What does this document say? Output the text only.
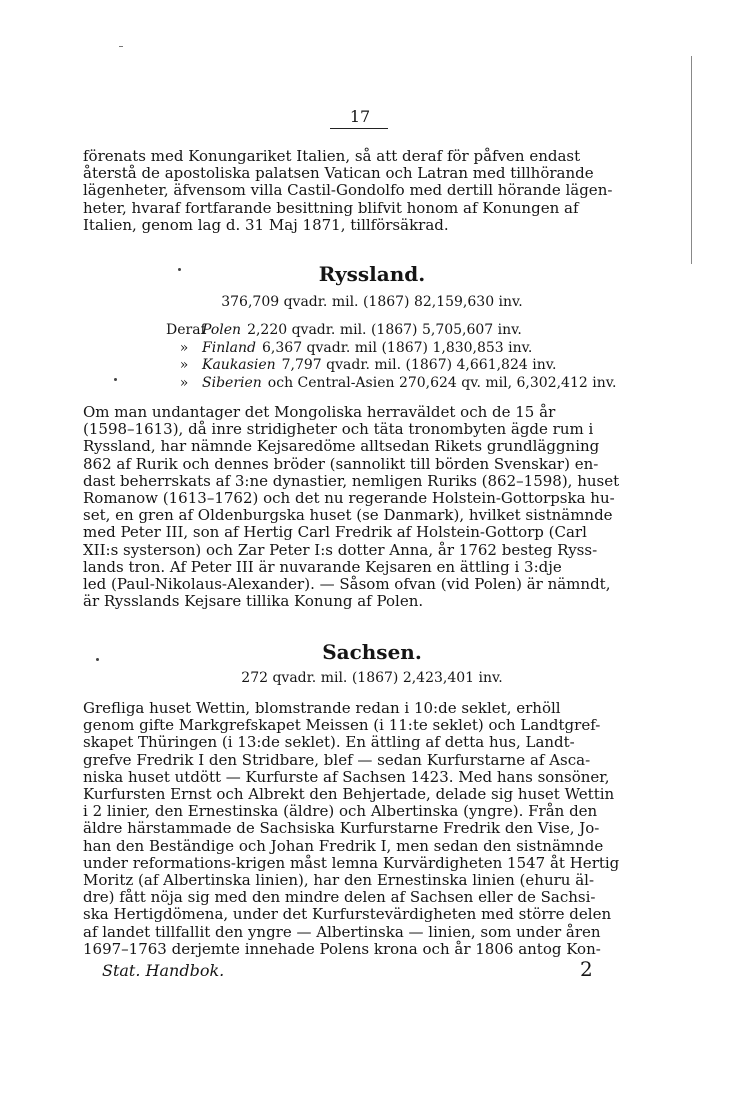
17
förenats med Konungariket Italien, så att deraf för påfven endast
återstå de apostoliska palatsen Vatican och Latran med tillhörande
lägenheter, äfvensom villa Castil-Gondolfo med dertill hörande lägen-
heter, hvaraf fortfarande besittning blifvit honom af Konungen af
Italien, genom lag d. 31 Maj 1871, tillförsäkrad.
Ryssland.
376,709 qvadr. mil. (1867) 82,159,630 inv.
Deraf
Polen 2,220 qvadr. mil. (1867) 5,705,607 inv.
» Finland 6,367 qvadr. mil (1867) 1,830,853 inv.
» Kaukasien 7,797 qvadr. mil. (1867) 4,661,824 inv.
» Siberien och Central-Asien 270,624 qv. mil, 6,302,412 inv.
Om man undantager det Mongoliska herraväldet och de 15 år
(1598–1613), då inre stridigheter och täta tronombyten ägde rum i
Ryssland, har nämnde Kejsaredöme alltsedan Rikets grundläggning
862 af Rurik och dennes bröder (sannolikt till börden Svenskar) en-
dast beherrskats af 3:ne dynastier, nemligen Ruriks (862–1598), huset
Romanow (1613–1762) och det nu regerande Holstein-Gottorpska hu-
set, en gren af Oldenburgska huset (se Danmark), hvilket sistnämnde
med Peter III, son af Hertig Carl Fredrik af Holstein-Gottorp (Carl
XII:s systerson) och Zar Peter I:s dotter Anna, år 1762 besteg Ryss-
lands tron. Af Peter III är nuvarande Kejsaren en ättling i 3:dje
led (Paul-Nikolaus-Alexander). — Såsom ofvan (vid Polen) är nämndt,
är Rysslands Kejsare tillika Konung af Polen.
Sachsen.
272 qvadr. mil. (1867) 2,423,401 inv.
Grefliga huset Wettin, blomstrande redan i 10:de seklet, erhöll
genom gifte Markgrefskapet Meissen (i 11:te seklet) och Landtgref-
skapet Thüringen (i 13:de seklet). En ättling af detta hus, Landt-
grefve Fredrik I den Stridbare, blef — sedan Kurfurstarne af Asca-
niska huset utdött — Kurfurste af Sachsen 1423. Med hans sonsöner,
Kurfursten Ernst och Albrekt den Behjertade, delade sig huset Wettin
i 2 linier, den Ernestinska (äldre) och Albertinska (yngre). Från den
äldre härstammade de Sachsiska Kurfurstarne Fredrik den Vise, Jo-
han den Beständige och Johan Fredrik I, men sedan den sistnämnde
under reformations-krigen måst lemna Kurvärdigheten 1547 åt Hertig
Moritz (af Albertinska linien), har den Ernestinska linien (ehuru äl-
dre) fått nöja sig med den mindre delen af Sachsen eller de Sachsi-
ska Hertigdömena, under det Kurfurstevärdigheten med större delen
af landet tillfallit den yngre — Albertinska — linien, som under åren
1697–1763 derjemte innehade Polens krona och år 1806 antog Kon-
Stat. Handbok.	2
